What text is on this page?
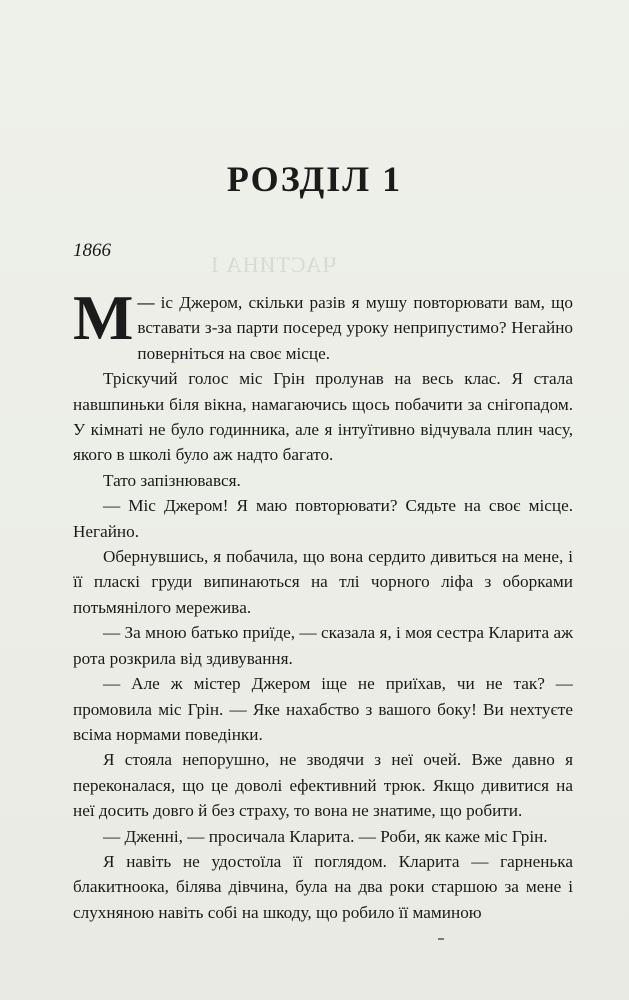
ЧАСТИНА І
РОЗДІЛ 1
1866

—
М іс Джером, скільки разів я мушу повторювати вам, що вставати з-за парти посеред уроку неприпустимо? Негайно поверніться на своє місце.

Тріскучий голос міс Грін пролунав на весь клас. Я стала навшпиньки біля вікна, намагаючись щось побачити за снігопадом. У кімнаті не було годинника, але я інтуїтивно відчувала плин часу, якого в школі було аж надто багато.

Тато запізнювався.

— Міс Джером! Я маю повторювати? Сядьте на своє місце. Негайно.

Обернувшись, я побачила, що вона сердито дивиться на мене, і її пласкі груди випинаються на тлі чорного ліфа з оборками потьмянілого мереживa.

— За мною батько приїде, — сказала я, і моя сестра Кларита аж рота розкрила від здивування.

— Але ж містер Джером іще не приїхав, чи не так? — промовила міс Грін. — Яке нахабство з вашого боку! Ви нехтуєте всіма нормами поведінки.

Я стояла непорушно, не зводячи з неї очей. Вже давно я переконалася, що це доволі ефективний трюк. Якщо дивитися на неї досить довго й без страху, то вона не знатиме, що робити.

— Дженні, — просичала Кларита. — Роби, як каже міс Грін.

Я навіть не удостоїла її поглядом. Кларита — гарненька блакитноока, білява дівчина, була на два роки старшою за мене і слухняною навіть собі на шкоду, що робило її маминою
